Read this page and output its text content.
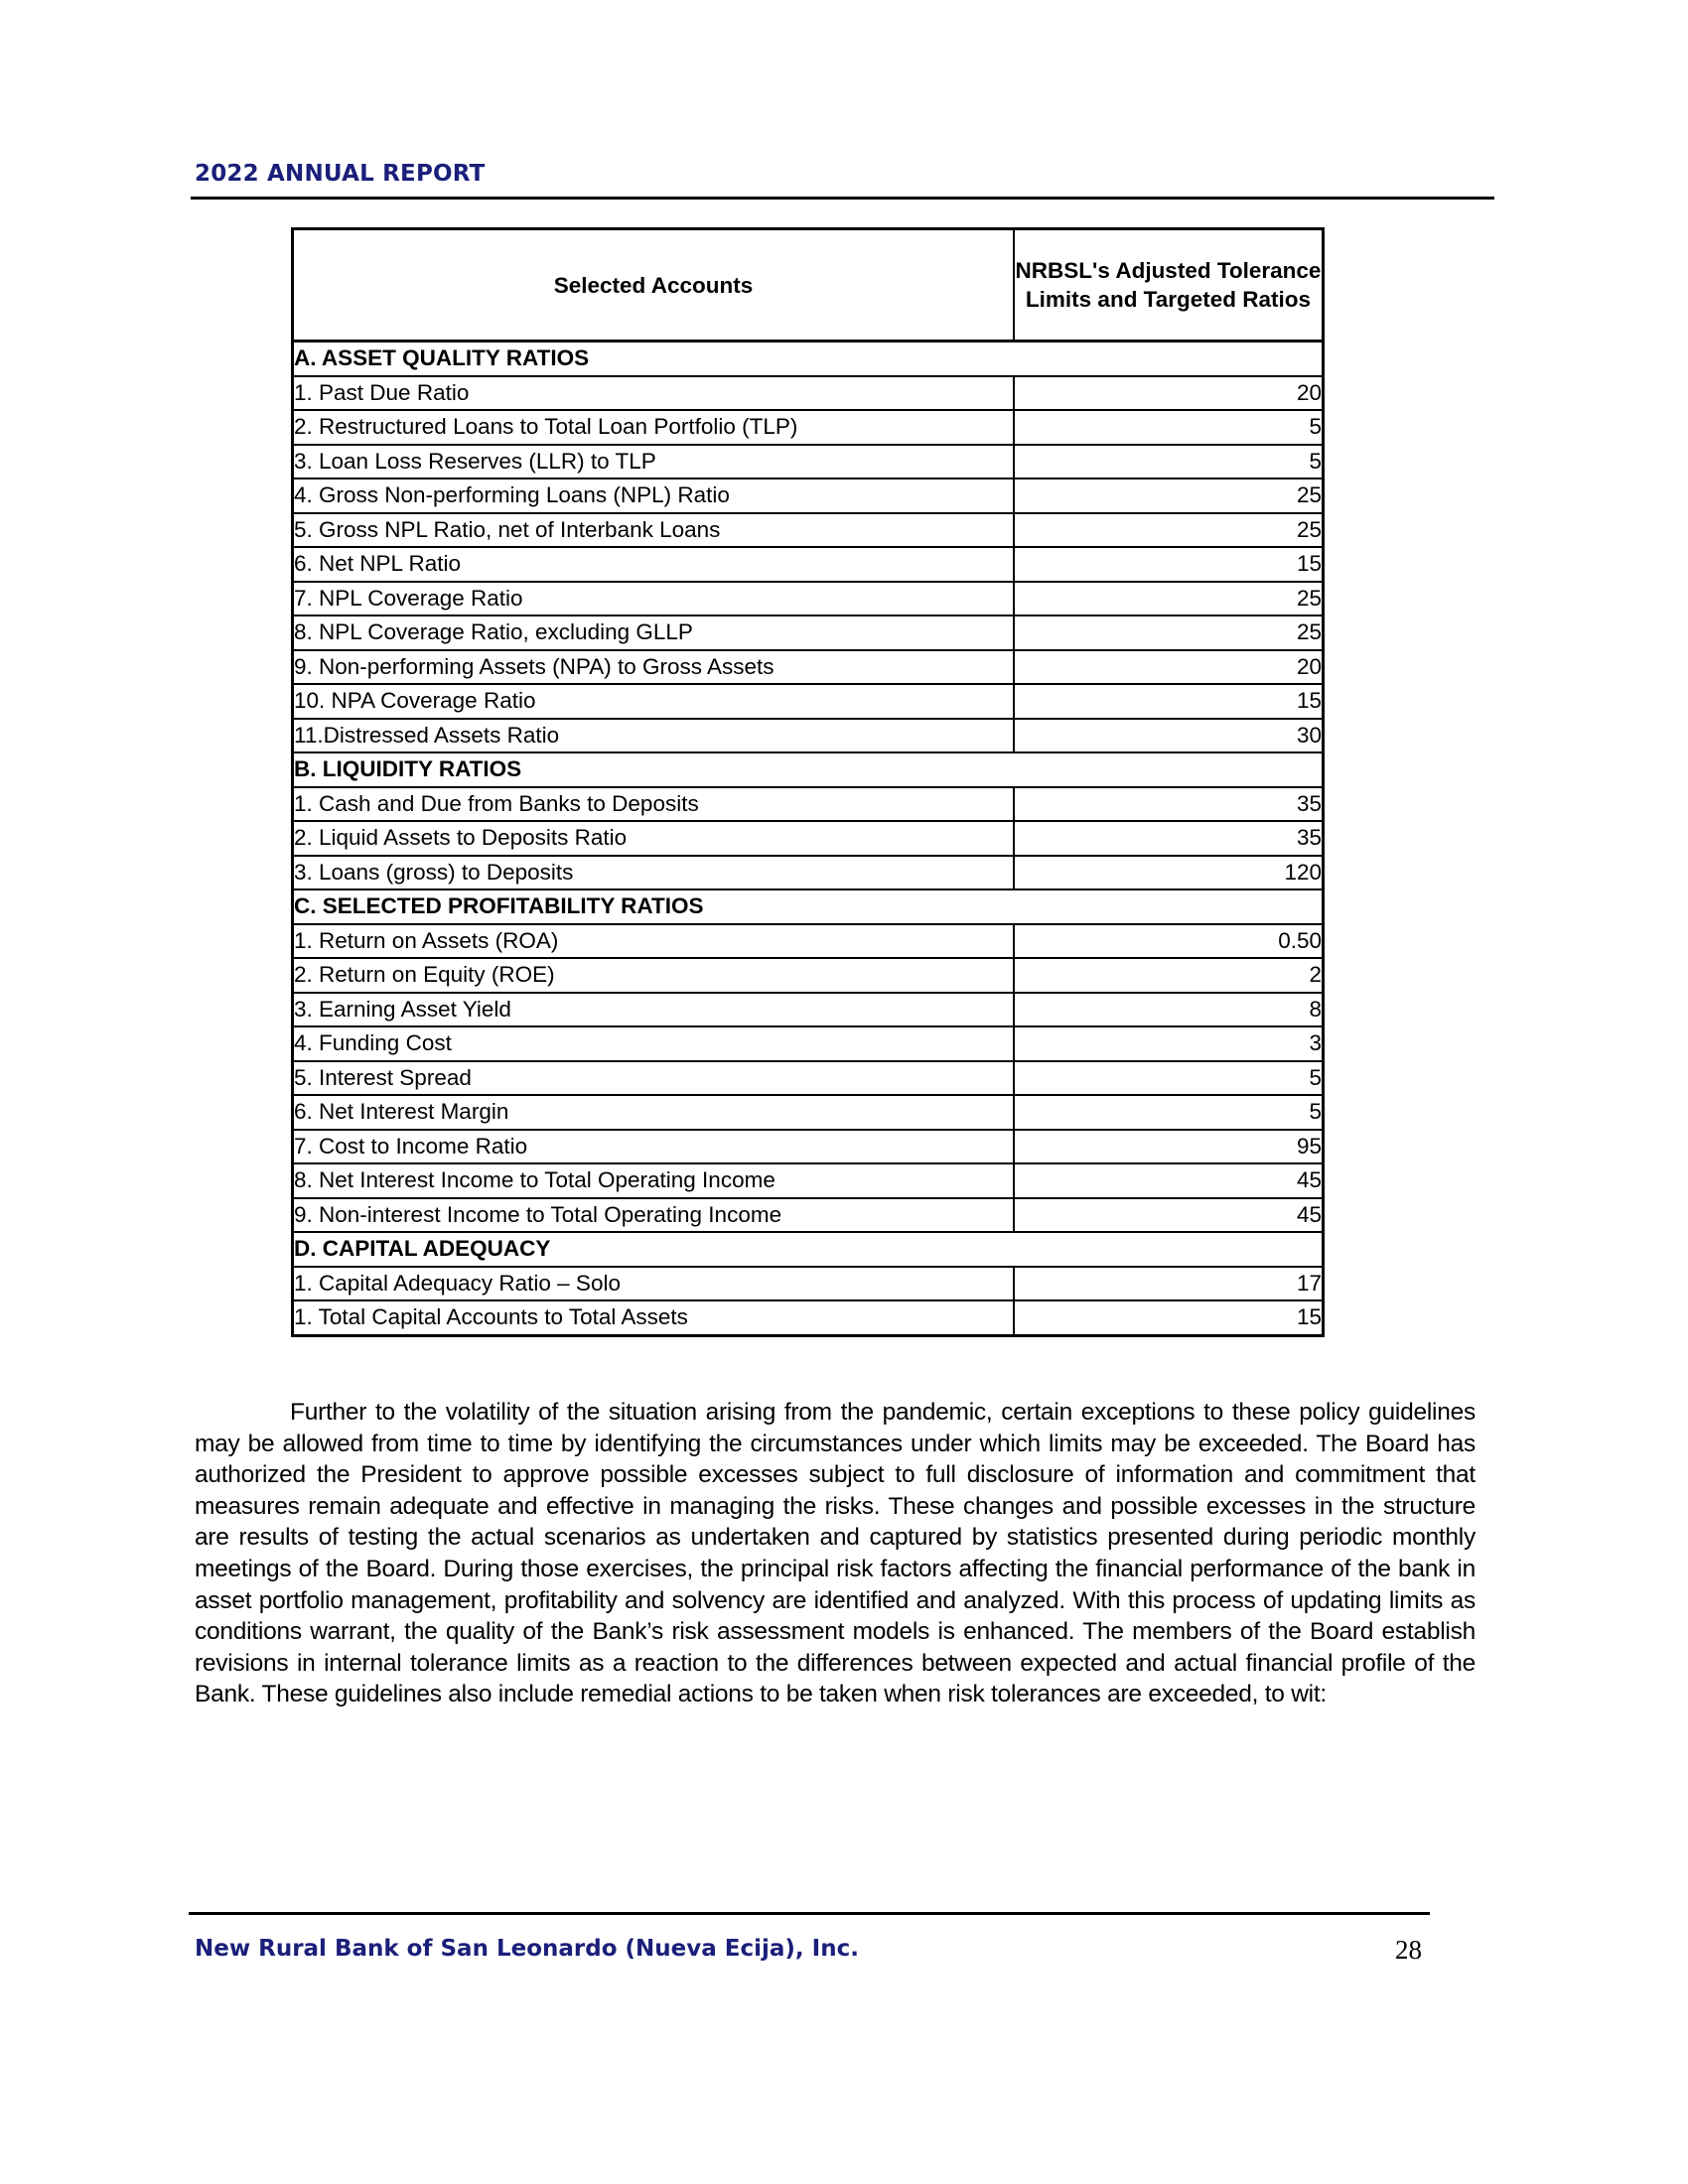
2022 ANNUAL REPORT
Selected Accounts	NRBSL's Adjusted Tolerance Limits and Targeted Ratios
A. ASSET QUALITY RATIOS	
1. Past Due Ratio	20
2. Restructured Loans to Total Loan Portfolio (TLP)	5
3. Loan Loss Reserves (LLR) to TLP	5
4. Gross Non-performing Loans (NPL) Ratio	25
5. Gross NPL Ratio, net of Interbank Loans	25
6. Net NPL Ratio	15
7. NPL Coverage Ratio	25
8. NPL Coverage Ratio, excluding GLLP	25
9. Non-performing Assets (NPA) to Gross Assets	20
10. NPA Coverage Ratio	15
11.Distressed Assets Ratio	30
B. LIQUIDITY RATIOS	
1. Cash and Due from Banks to Deposits	35
2. Liquid Assets to Deposits Ratio	35
3. Loans (gross) to Deposits	120
C. SELECTED PROFITABILITY RATIOS	
1. Return on Assets (ROA)	0.50
2. Return on Equity (ROE)	2
3. Earning Asset Yield	8
4. Funding Cost	3
5. Interest Spread	5
6. Net Interest Margin	5
7. Cost to Income Ratio	95
8. Net Interest Income to Total Operating Income	45
9. Non-interest Income to Total Operating Income	45
D. CAPITAL ADEQUACY	
1. Capital Adequacy Ratio – Solo	17
1. Total Capital Accounts to Total Assets	15
Further to the volatility of the situation arising from the pandemic, certain exceptions to these policy guidelines may be allowed from time to time by identifying the circumstances under which limits may be exceeded. The Board has authorized the President to approve possible excesses subject to full disclosure of information and commitment that measures remain adequate and effective in managing the risks. These changes and possible excesses in the structure are results of testing the actual scenarios as undertaken and captured by statistics presented during periodic monthly meetings of the Board. During those exercises, the principal risk factors affecting the financial performance of the bank in asset portfolio management, profitability and solvency are identified and analyzed. With this process of updating limits as conditions warrant, the quality of the Bank’s risk assessment models is enhanced. The members of the Board establish revisions in internal tolerance limits as a reaction to the differences between expected and actual financial profile of the Bank. These guidelines also include remedial actions to be taken when risk tolerances are exceeded, to wit:
New Rural Bank of San Leonardo (Nueva Ecija), Inc.	28
